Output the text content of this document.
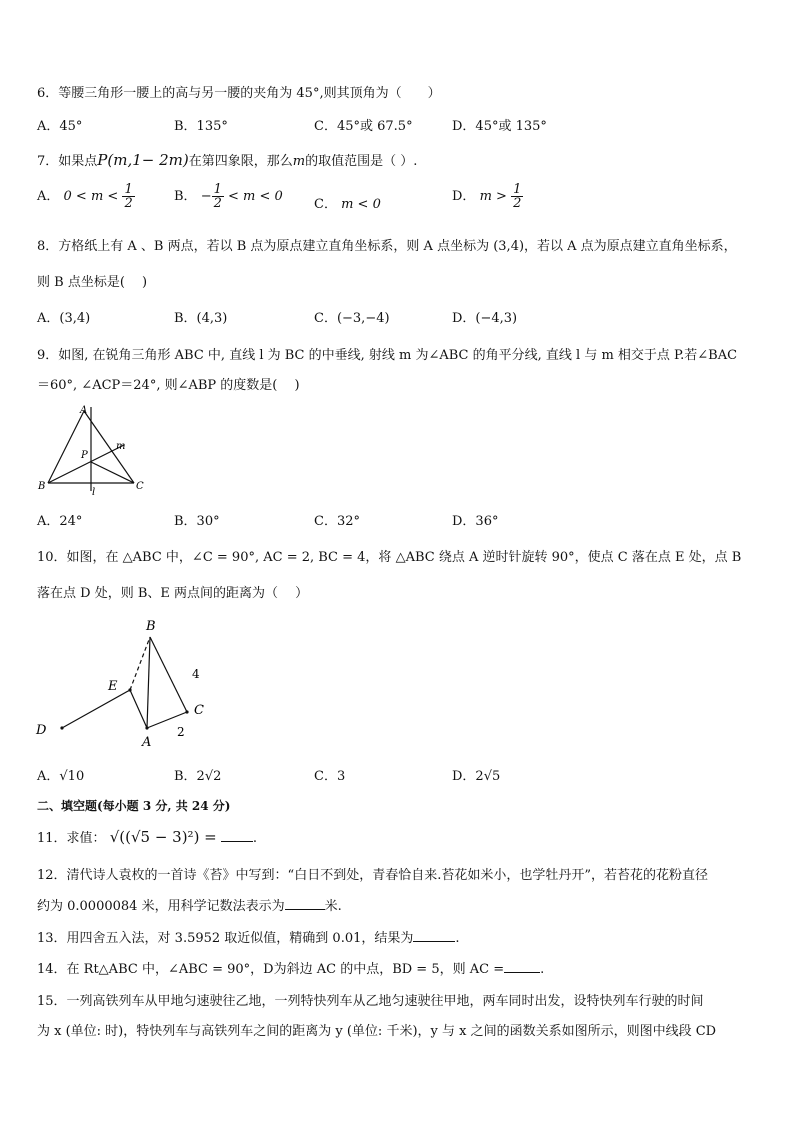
6．等腰三角形一腰上的高与另一腰的夹角为 45°,则其顶角为（　　）
A．45°	B．135°	C．45°或 67.5°	D．45°或 135°
7．如果点P(m,1− 2m)在第四象限，那么m的取值范围是（ ）.
A． $0 < m < \frac{1}{2}$	B． − $\frac{1}{2} < m < 0$
C． m < 0
D． $m > \frac{1}{2}$
8．方格纸上有 A 、B 两点，若以 B 点为原点建立直角坐标系，则 A 点坐标为 (3,4)，若以 A 点为原点建立直角坐标系，
则 B 点坐标是(　 )
A．(3,4)	B．(4,3)	C．(−3,−4)	D．(−4,3)
9．如图, 在锐角三角形 ABC 中, 直线 l 为 BC 的中垂线, 射线 m 为∠ABC 的角平分线, 直线 l 与 m 相交于点 P.若∠BAC
＝60°, ∠ACP＝24°, 则∠ABP 的度数是(　 )
A
B	C
P
m
l
A．24°	B．30°	C．32°	D．36°
10．如图，在 △ABC 中，∠C = 90°, AC = 2, BC = 4，将 △ABC 绕点 A 逆时针旋转 90°，使点 C 落在点 E 处，点 B
落在点 D 处，则 B、E 两点间的距离为（　 ）
B
E
C
D
A
4
2
A．√10	B．2√2	C．3	D．2√5
二、填空题(每小题 3 分, 共 24 分)
11．求值： √((√5 − 3)²) =	.
12．清代诗人袁枚的一首诗《苔》中写到：“白日不到处，青春恰自来.苔花如米小，也学牡丹开”，若苔花的花粉直径
约为 0.0000084 米，用科学记数法表示为	米.
13．用四舍五入法，对 3.5952 取近似值，精确到 0.01，结果为	.
14．在 Rt△ABC 中，∠ABC = 90°，D为斜边 AC 的中点，BD = 5，则 AC =	.
15．一列高铁列车从甲地匀速驶往乙地，一列特快列车从乙地匀速驶往甲地，两车同时出发，设特快列车行驶的时间
为 x (单位: 时)，特快列车与高铁列车之间的距离为 y (单位: 千米)，y 与 x 之间的函数关系如图所示，则图中线段 CD
